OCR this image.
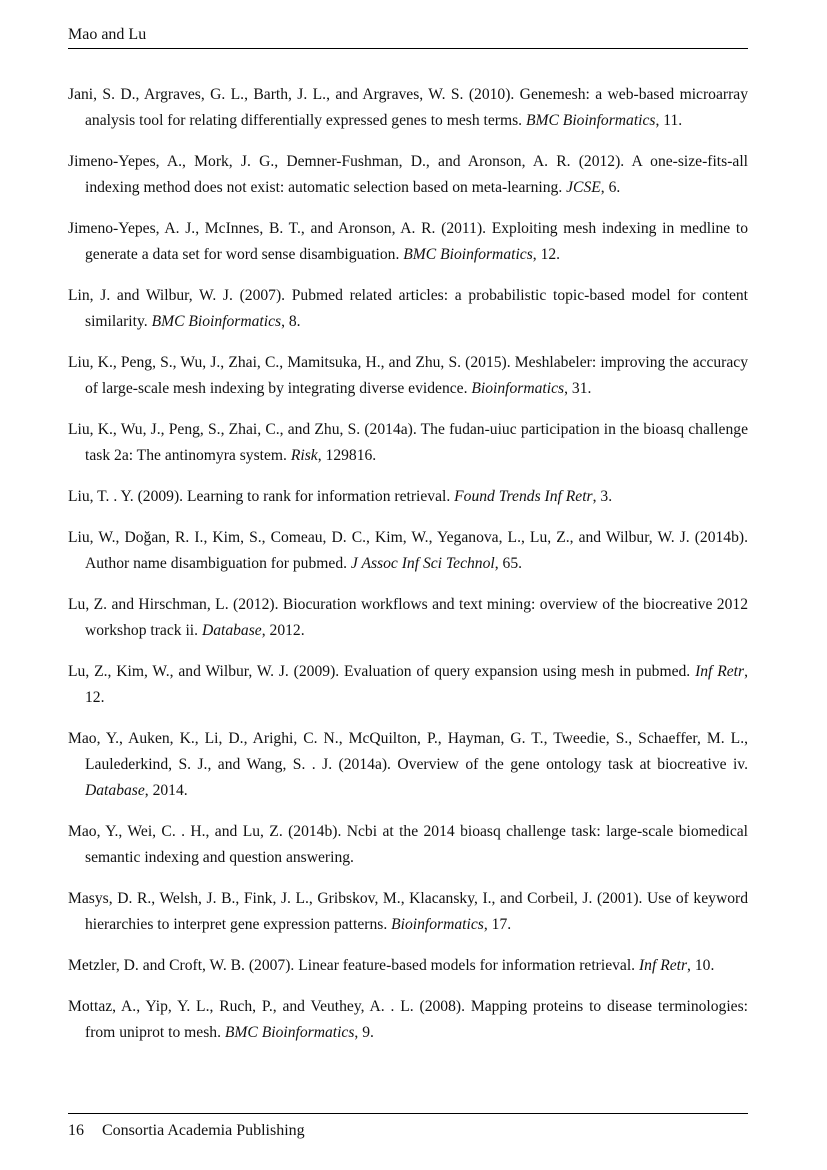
Mao and Lu
Jani, S. D., Argraves, G. L., Barth, J. L., and Argraves, W. S. (2010). Genemesh: a web-based microarray analysis tool for relating differentially expressed genes to mesh terms. BMC Bioinformatics, 11.
Jimeno-Yepes, A., Mork, J. G., Demner-Fushman, D., and Aronson, A. R. (2012). A one-size-fits-all indexing method does not exist: automatic selection based on meta-learning. JCSE, 6.
Jimeno-Yepes, A. J., McInnes, B. T., and Aronson, A. R. (2011). Exploiting mesh indexing in medline to generate a data set for word sense disambiguation. BMC Bioinformatics, 12.
Lin, J. and Wilbur, W. J. (2007). Pubmed related articles: a probabilistic topic-based model for content similarity. BMC Bioinformatics, 8.
Liu, K., Peng, S., Wu, J., Zhai, C., Mamitsuka, H., and Zhu, S. (2015). Meshlabeler: improving the accuracy of large-scale mesh indexing by integrating diverse evidence. Bioinformatics, 31.
Liu, K., Wu, J., Peng, S., Zhai, C., and Zhu, S. (2014a). The fudan-uiuc participation in the bioasq challenge task 2a: The antinomyra system. Risk, 129816.
Liu, T. . Y. (2009). Learning to rank for information retrieval. Found Trends Inf Retr, 3.
Liu, W., Doğan, R. I., Kim, S., Comeau, D. C., Kim, W., Yeganova, L., Lu, Z., and Wilbur, W. J. (2014b). Author name disambiguation for pubmed. J Assoc Inf Sci Technol, 65.
Lu, Z. and Hirschman, L. (2012). Biocuration workflows and text mining: overview of the biocreative 2012 workshop track ii. Database, 2012.
Lu, Z., Kim, W., and Wilbur, W. J. (2009). Evaluation of query expansion using mesh in pubmed. Inf Retr, 12.
Mao, Y., Auken, K., Li, D., Arighi, C. N., McQuilton, P., Hayman, G. T., Tweedie, S., Schaeffer, M. L., Laulederkind, S. J., and Wang, S. . J. (2014a). Overview of the gene ontology task at biocreative iv. Database, 2014.
Mao, Y., Wei, C. . H., and Lu, Z. (2014b). Ncbi at the 2014 bioasq challenge task: large-scale biomedical semantic indexing and question answering.
Masys, D. R., Welsh, J. B., Fink, J. L., Gribskov, M., Klacansky, I., and Corbeil, J. (2001). Use of keyword hierarchies to interpret gene expression patterns. Bioinformatics, 17.
Metzler, D. and Croft, W. B. (2007). Linear feature-based models for information retrieval. Inf Retr, 10.
Mottaz, A., Yip, Y. L., Ruch, P., and Veuthey, A. . L. (2008). Mapping proteins to disease terminologies: from uniprot to mesh. BMC Bioinformatics, 9.
16 Consortia Academia Publishing
